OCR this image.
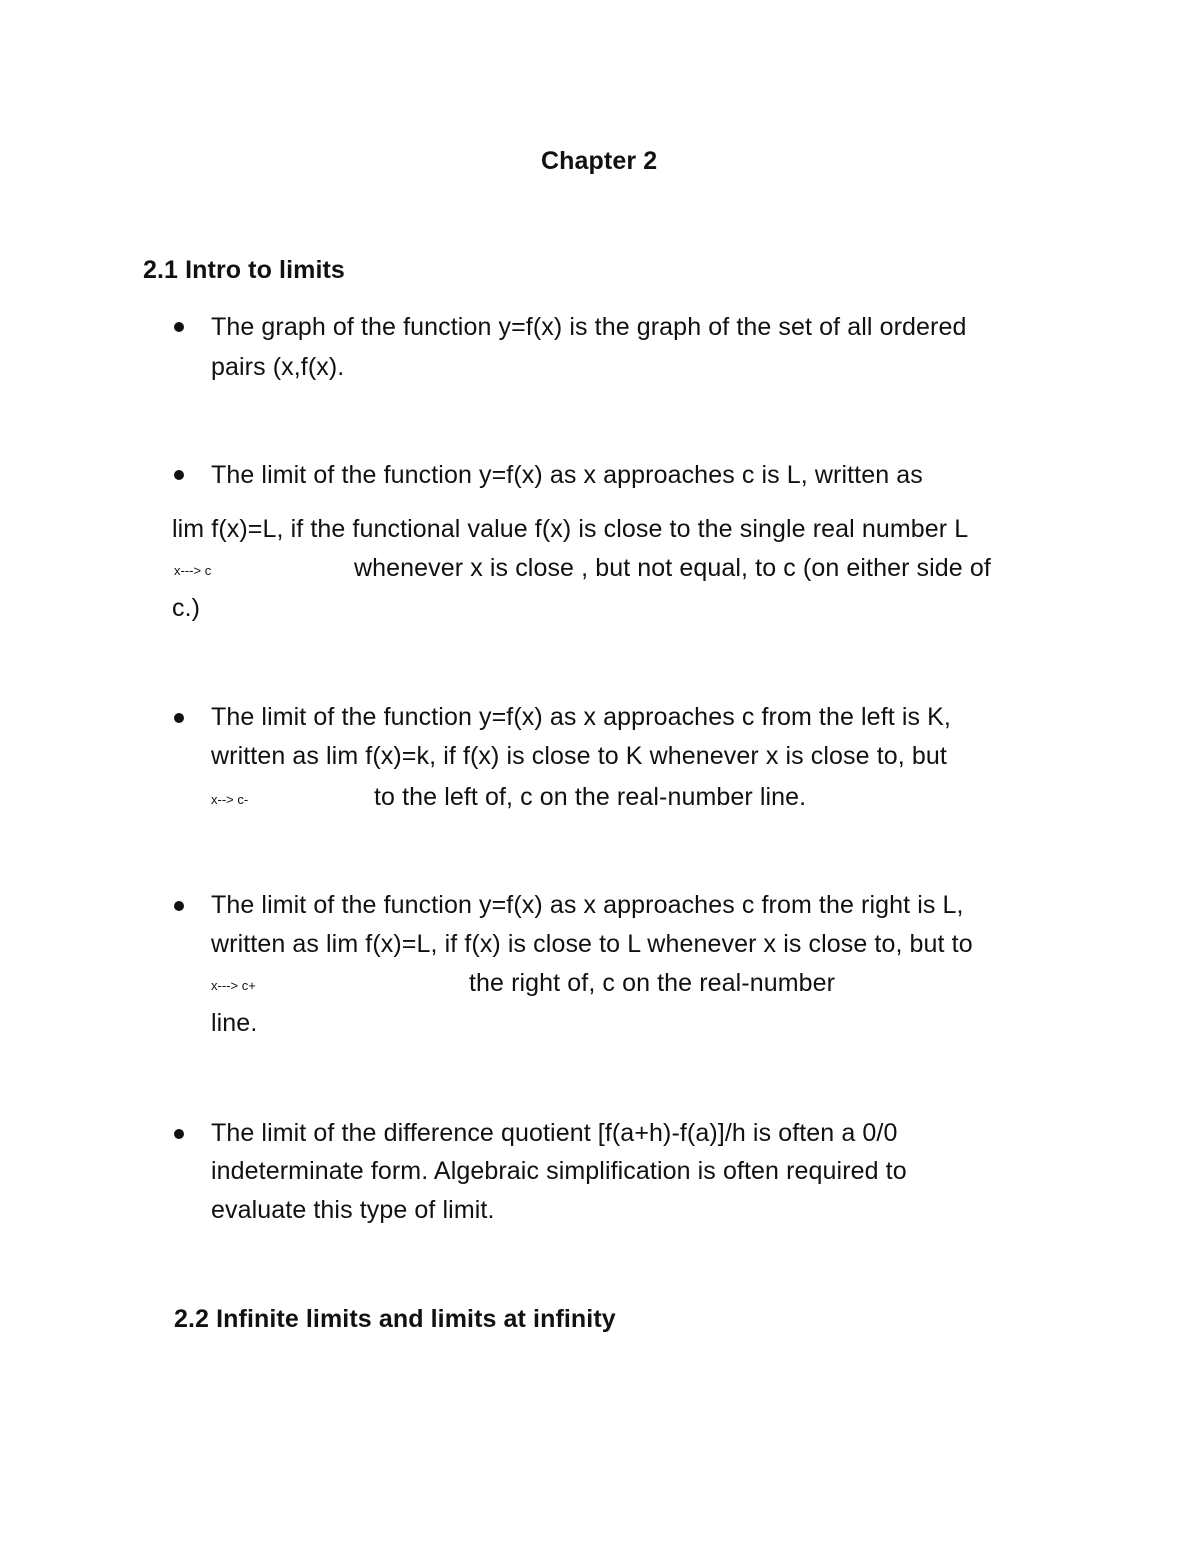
Chapter 2
2.1 Intro to limits
The graph of the function y=f(x) is the graph of the set of all ordered
pairs (x,f(x).
The limit of the function y=f(x) as x approaches c is L, written as
lim f(x)=L, if the functional value f(x) is close to the single real number L
x---> c	whenever x is close , but not equal, to c (on either side of
c.)
The limit of the function y=f(x) as x approaches c from the left is K,
written as lim f(x)=k, if f(x) is close to K whenever x is close to, but
x--> c-	to the left of, c on the real-number line.
The limit of the function y=f(x) as x approaches c from the right is L,
written as lim f(x)=L, if f(x) is close to L whenever x is close to, but to
x---> c+	the right of, c on the real-number
line.
The limit of the difference quotient [f(a+h)-f(a)]/h is often a 0/0
indeterminate form. Algebraic simplification is often required to
evaluate this type of limit.
2.2 Infinite limits and limits at infinity
